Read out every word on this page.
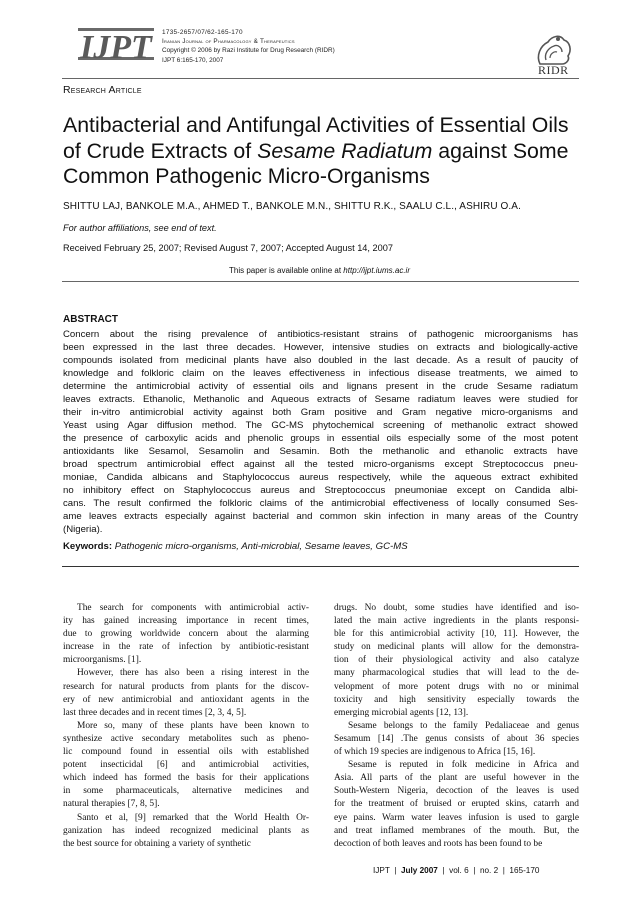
IJPT 1735-2657/07/62-165-170
Iranian Journal of Pharmacology & Therapeutics
Copyright © 2006 by Razi Institute for Drug Research (RIDR)
IJPT 6:165-170, 2007
RIDR
Research Article
Antibacterial and Antifungal Activities of Essential Oils of Crude Extracts of Sesame Radiatum against Some Common Pathogenic Micro-Organisms
SHITTU LAJ, BANKOLE M.A., AHMED T., BANKOLE M.N., SHITTU R.K., SAALU C.L., ASHIRU O.A.
For author affiliations, see end of text.
Received February 25, 2007; Revised August 7, 2007; Accepted August 14, 2007
This paper is available online at http://ijpt.iums.ac.ir
ABSTRACT
Concern about the rising prevalence of antibiotics-resistant strains of pathogenic microorganisms has
been expressed in the last three decades. However, intensive studies on extracts and biologically-active
compounds isolated from medicinal plants have also doubled in the last decade. As a result of paucity of
knowledge and folkloric claim on the leaves effectiveness in infectious disease treatments, we aimed to
determine the antimicrobial activity of essential oils and lignans present in the crude Sesame radiatum
leaves extracts. Ethanolic, Methanolic and Aqueous extracts of Sesame radiatum leaves were studied for
their in-vitro antimicrobial activity against both Gram positive and Gram negative micro-organisms and
Yeast using Agar diffusion method. The GC-MS phytochemical screening of methanolic extract showed
the presence of carboxylic acids and phenolic groups in essential oils especially some of the most potent
antioxidants like Sesamol, Sesamolin and Sesamin. Both the methanolic and ethanolic extracts have
broad spectrum antimicrobial effect against all the tested micro-organisms except Streptococcus pneu-
moniae, Candida albicans and Staphylococcus aureus respectively, while the aqueous extract exhibited
no inhibitory effect on Staphylococcus aureus and Streptococcus pneumoniae except on Candida albi-
cans. The result confirmed the folkloric claims of the antimicrobial effectiveness of locally consumed Ses-
ame leaves extracts especially against bacterial and common skin infection in many areas of the Country
(Nigeria).
Keywords: Pathogenic micro-organisms, Anti-microbial, Sesame leaves, GC-MS
The search for components with antimicrobial activ-
ity has gained increasing importance in recent times,
due to growing worldwide concern about the alarming
increase in the rate of infection by antibiotic-resistant
microorganisms. [1].
However, there has also been a rising interest in the
research for natural products from plants for the discov-
ery of new antimicrobial and antioxidant agents in the
last three decades and in recent times [2, 3, 4, 5].
More so, many of these plants have been known to
synthesize active secondary metabolites such as pheno-
lic compound found in essential oils with established
potent insecticidal [6] and antimicrobial activities,
which indeed has formed the basis for their applications
in some pharmaceuticals, alternative medicines and
natural therapies [7, 8, 5].
Santo et al, [9] remarked that the World Health Or-
ganization has indeed recognized medicinal plants as
the best source for obtaining a variety of synthetic
drugs. No doubt, some studies have identified and iso-
lated the main active ingredients in the plants responsi-
ble for this antimicrobial activity [10, 11]. However, the
study on medicinal plants will allow for the demonstra-
tion of their physiological activity and also catalyze
many pharmacological studies that will lead to the de-
velopment of more potent drugs with no or minimal
toxicity and high sensitivity especially towards the
emerging microbial agents [12, 13].
Sesame belongs to the family Pedaliaceae and genus
Sesamum [14] .The genus consists of about 36 species
of which 19 species are indigenous to Africa [15, 16].
Sesame is reputed in folk medicine in Africa and
Asia. All parts of the plant are useful however in the
South-Western Nigeria, decoction of the leaves is used
for the treatment of bruised or erupted skins, catarrh and
eye pains. Warm water leaves infusion is used to gargle
and treat inflamed membranes of the mouth. But, the
decoction of both leaves and roots has been found to be
IJPT | July 2007 | vol. 6 | no. 2 | 165-170
